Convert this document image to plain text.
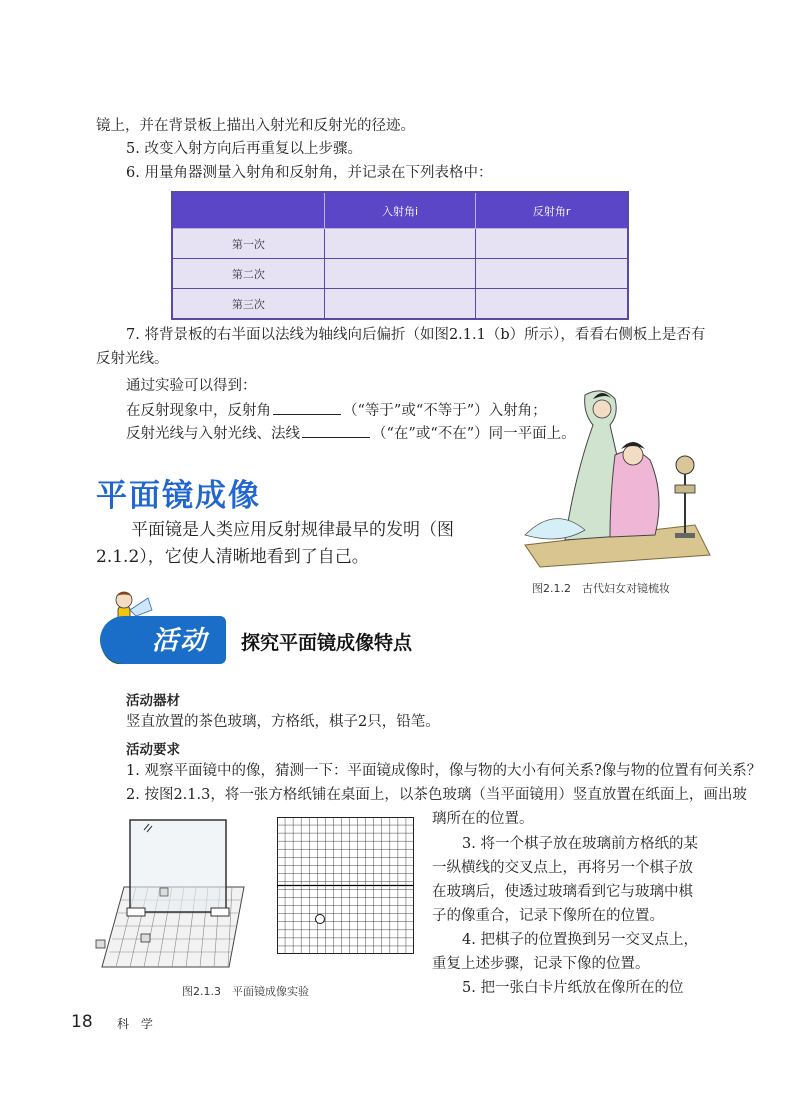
镜上，并在背景板上描出入射光和反射光的径迹。
5. 改变入射方向后再重复以上步骤。
6. 用量角器测量入射角和反射角，并记录在下列表格中：
	入射角i	反射角r
第一次		
第二次		
第三次		
7. 将背景板的右半面以法线为轴线向后偏折（如图2.1.1（b）所示），看看右侧板上是否有
反射光线。
通过实验可以得到：
在反射现象中，反射角	（“等于”或“不等于”）入射角；
反射光线与入射光线、法线	（“在”或“不在”）同一平面上。
平面镜成像
平面镜是人类应用反射规律最早的发明（图
2.1.2），它使人清晰地看到了自己。
图2.1.2　古代妇女对镜梳妆
活动 探究平面镜成像特点
活动器材
竖直放置的茶色玻璃，方格纸，棋子2只，铅笔。
活动要求
1. 观察平面镜中的像，猜测一下：平面镜成像时，像与物的大小有何关系?像与物的位置有何关系？
2. 按图2.1.3，将一张方格纸铺在桌面上，以茶色玻璃（当平面镜用）竖直放置在纸面上，画出玻
璃所在的位置。
3. 将一个棋子放在玻璃前方格纸的某
一纵横线的交叉点上，再将另一个棋子放
在玻璃后，使透过玻璃看到它与玻璃中棋
子的像重合，记录下像所在的位置。
4. 把棋子的位置换到另一交叉点上，
重复上述步骤，记录下像的位置。
5. 把一张白卡片纸放在像所在的位
图2.1.3　平面镜成像实验
18 科 学
